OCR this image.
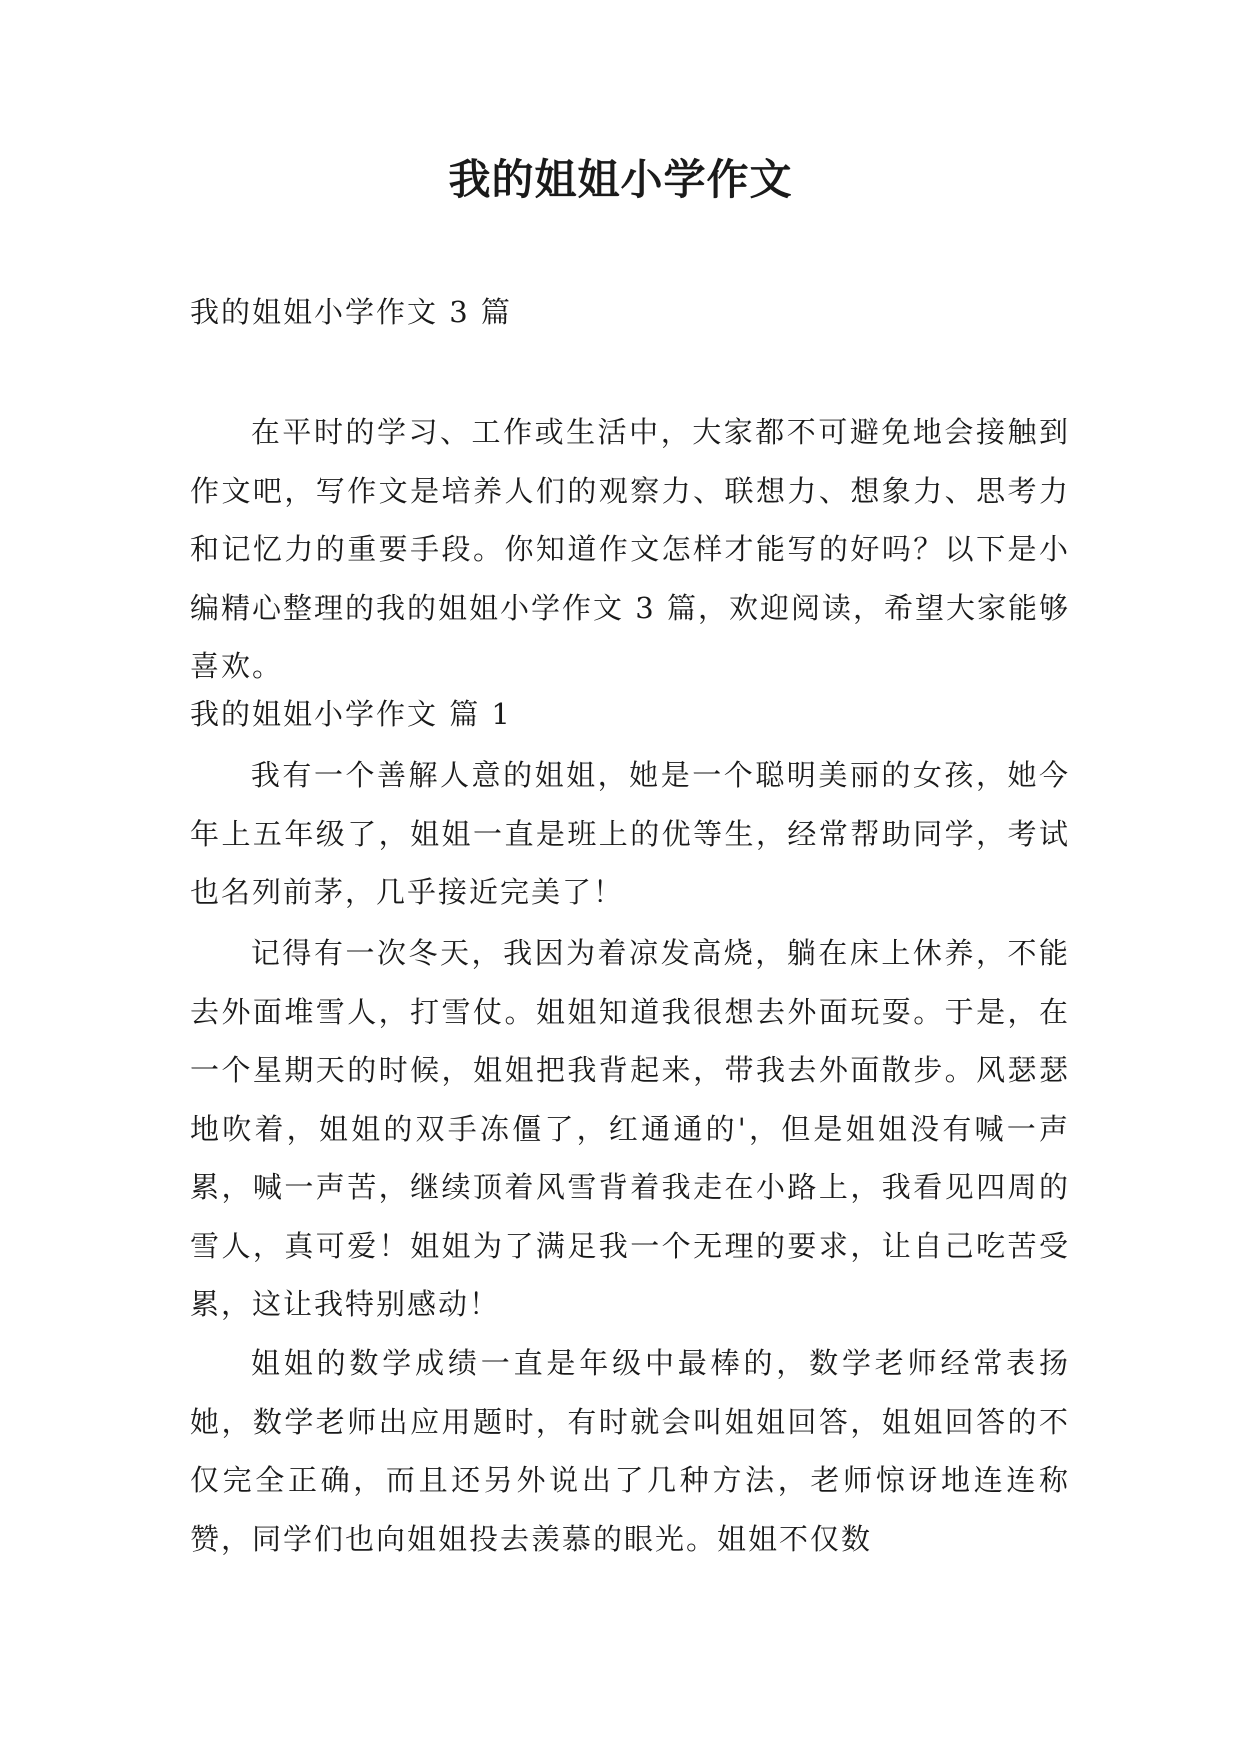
我的姐姐小学作文

我的姐姐小学作文 3 篇

在平时的学习、工作或生活中，大家都不可避免地会接触到作文吧，写作文是培养人们的观察力、联想力、想象力、思考力和记忆力的重要手段。你知道作文怎样才能写的好吗？以下是小编精心整理的我的姐姐小学作文 3 篇，欢迎阅读，希望大家能够喜欢。

我的姐姐小学作文 篇 1

我有一个善解人意的姐姐，她是一个聪明美丽的女孩，她今年上五年级了，姐姐一直是班上的优等生，经常帮助同学，考试也名列前茅，几乎接近完美了！

记得有一次冬天，我因为着凉发高烧，躺在床上休养，不能去外面堆雪人，打雪仗。姐姐知道我很想去外面玩耍。于是，在一个星期天的时候，姐姐把我背起来，带我去外面散步。风瑟瑟地吹着，姐姐的双手冻僵了，红通通的'，但是姐姐没有喊一声累，喊一声苦，继续顶着风雪背着我走在小路上，我看见四周的雪人，真可爱！姐姐为了满足我一个无理的要求，让自己吃苦受累，这让我特别感动！

姐姐的数学成绩一直是年级中最棒的，数学老师经常表扬她，数学老师出应用题时，有时就会叫姐姐回答，姐姐回答的不仅完全正确，而且还另外说出了几种方法，老师惊讶地连连称赞，同学们也向姐姐投去羡慕的眼光。姐姐不仅数
